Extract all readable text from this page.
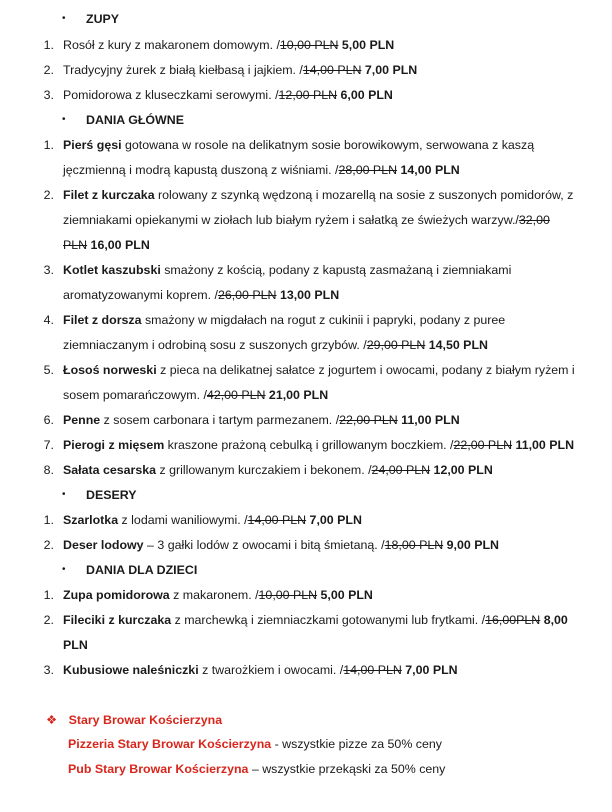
• ZUPY
1. Rosół z kury z makaronem domowym. /10,00 PLN 5,00 PLN
2. Tradycyjny żurek z białą kiełbasą i jajkiem. /14,00 PLN 7,00 PLN
3. Pomidorowa z kluseczkami serowymi. /12,00 PLN 6,00 PLN
• DANIA GŁÓWNE
1. Pierś gęsi gotowana w rosole na delikatnym sosie borowikowym, serwowana z kaszą
jęczmienną i modrą kapustą duszoną z wiśniami. /28,00 PLN 14,00 PLN
2. Filet z kurczaka rolowany z szynką wędzoną i mozarellą na sosie z suszonych pomidorów, z
ziemniakami opiekanymi w ziołach lub białym ryżem i sałatką ze świeżych warzyw./32,00
PLN 16,00 PLN
3. Kotlet kaszubski smażony z kością, podany z kapustą zasmażaną i ziemniakami
aromatyzowanymi koprem. /26,00 PLN 13,00 PLN
4. Filet z dorsza smażony w migdałach na rogut z cukinii i papryki, podany z puree
ziemniaczanym i odrobiną sosu z suszonych grzybów. /29,00 PLN 14,50 PLN
5. Łosoś norweski z pieca na delikatnej sałatce z jogurtem i owocami, podany z białym ryżem i
sosem pomarańczowym. /42,00 PLN 21,00 PLN
6. Penne z sosem carbonara i tartym parmezanem. /22,00 PLN 11,00 PLN
7. Pierogi z mięsem kraszone prażoną cebulką i grillowanym boczkiem. /22,00 PLN 11,00 PLN
8. Sałata cesarska z grillowanym kurczakiem i bekonem. /24,00 PLN 12,00 PLN
• DESERY
1. Szarlotka z lodami waniliowymi. /14,00 PLN 7,00 PLN
2. Deser lodowy – 3 gałki lodów z owocami i bitą śmietaną. /18,00 PLN 9,00 PLN
• DANIA DLA DZIECI
1. Zupa pomidorowa z makaronem. /10,00 PLN 5,00 PLN
2. Fileciki z kurczaka z marchewką i ziemniaczkami gotowanymi lub frytkami. /16,00PLN 8,00
PLN
3. Kubusiowe naleśniczki z twarożkiem i owocami. /14,00 PLN 7,00 PLN
❖ Stary Browar Kościerzyna
Pizzeria Stary Browar Kościerzyna - wszystkie pizze za 50% ceny
Pub Stary Browar Kościerzyna – wszystkie przekąski za 50% ceny
